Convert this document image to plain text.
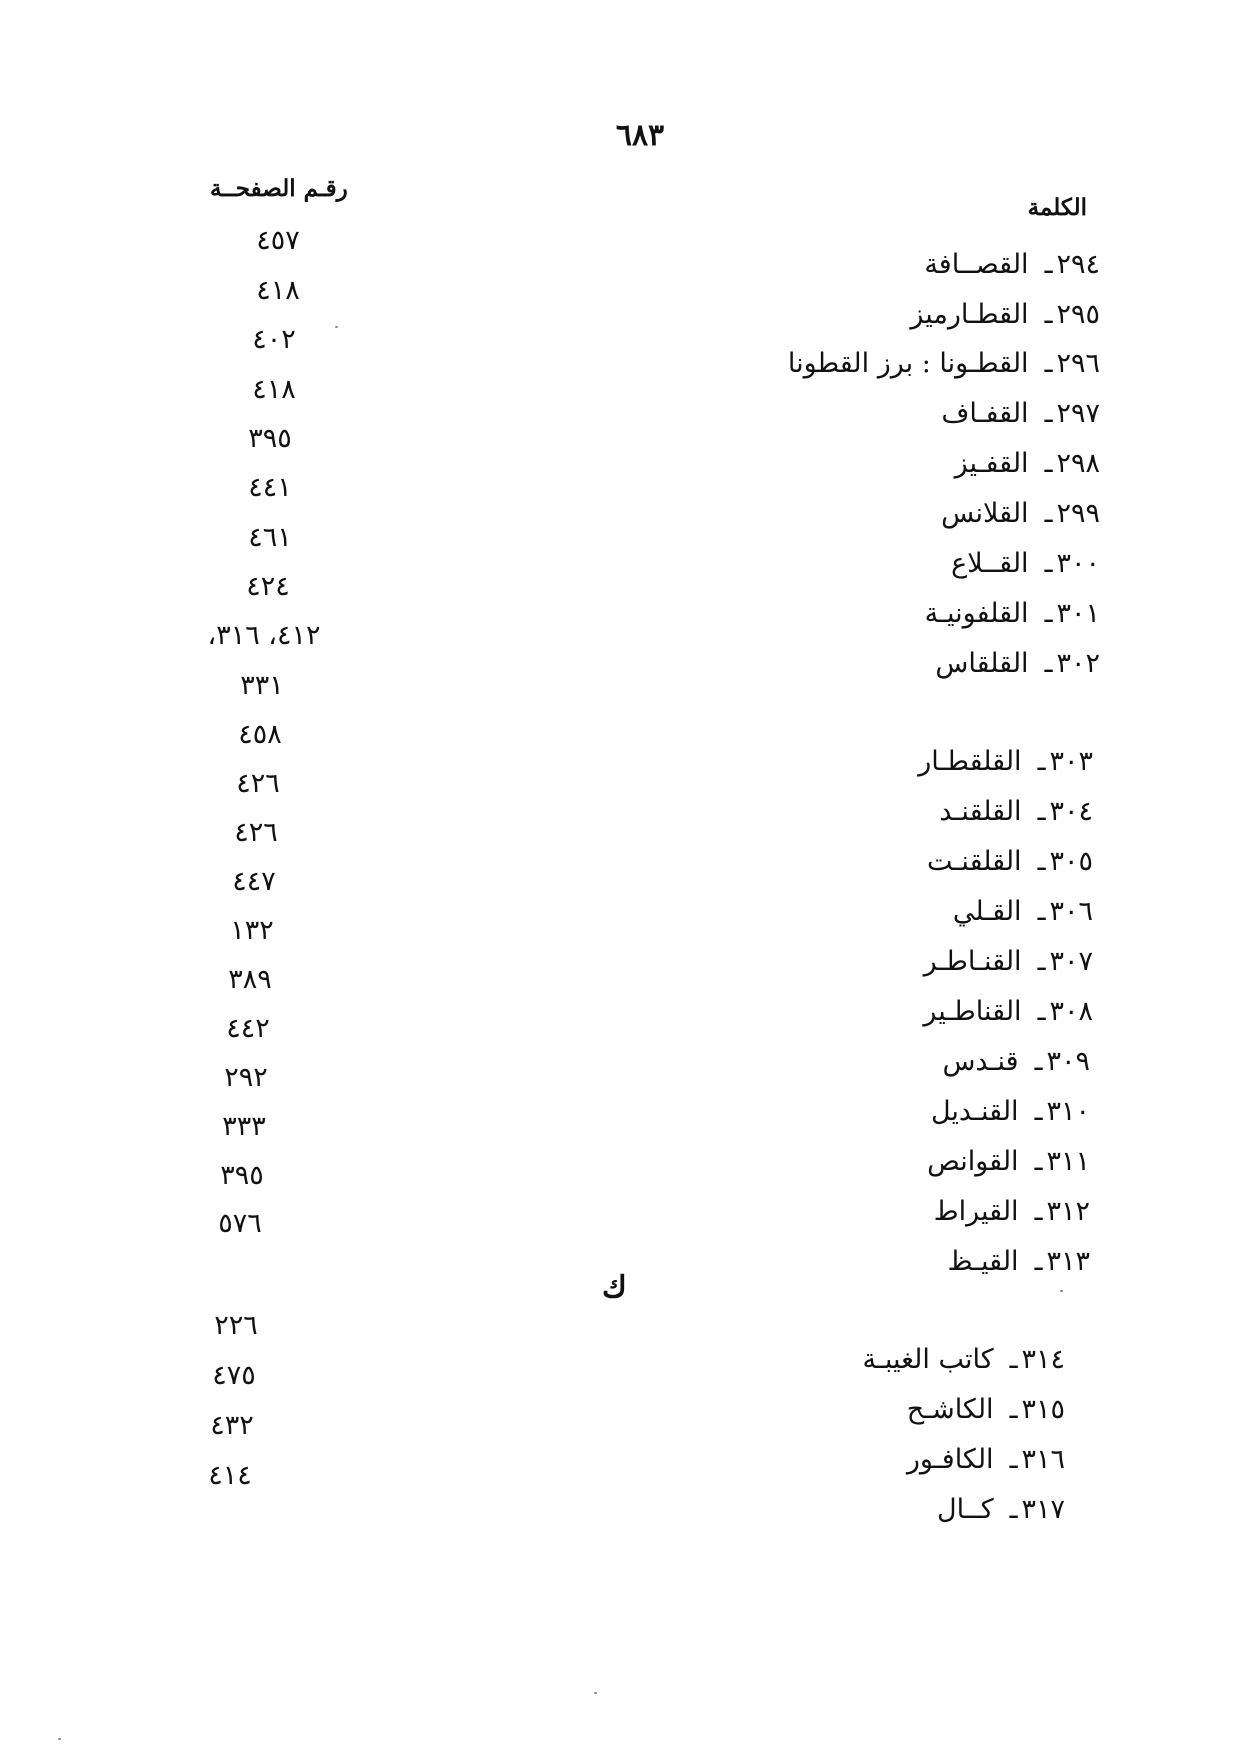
٦٨٣
رقـم الصفحــة
الكلمة
٢٩٤ـالقصــافة
٢٩٥ـالقطـارميز
٢٩٦ـالقطـونا : برز القطونا
٢٩٧ـالقفـاف
٢٩٨ـالقفـيز
٢٩٩ـالقلانس
٣٠٠ـالقــلاع
٣٠١ـالقلفونيـة
٣٠٢ـالقلقاس
٣٠٣ـالقلقطـار
٣٠٤ـالقلقنـد
٣٠٥ـالقلقنـت
٣٠٦ـالقـلي
٣٠٧ـالقنـاطـر
٣٠٨ـالقناطـير
٣٠٩ـقنـدس
٣١٠ـالقنـديل
٣١١ـالقوانص
٣١٢ـالقيراط
٣١٣ـالقيـظ
ك
٣١٤ـكاتب الغيبـة
٣١٥ـالكاشـح
٣١٦ـالكافـور
٣١٧ـكــال
٤٥٧
٤١٨
٤٠٢
٤١٨
٣٩٥
٤٤١
٤٦١
٤٢٤
٤١٢، ٣١٦،
٣٣١
٤٥٨
٤٢٦
٤٢٦
٤٤٧
١٣٢
٣٨٩
٤٤٢
٢٩٢
٣٣٣
٣٩٥
٥٧٦
٢٢٦
٤٧٥
٤٣٢
٤١٤
